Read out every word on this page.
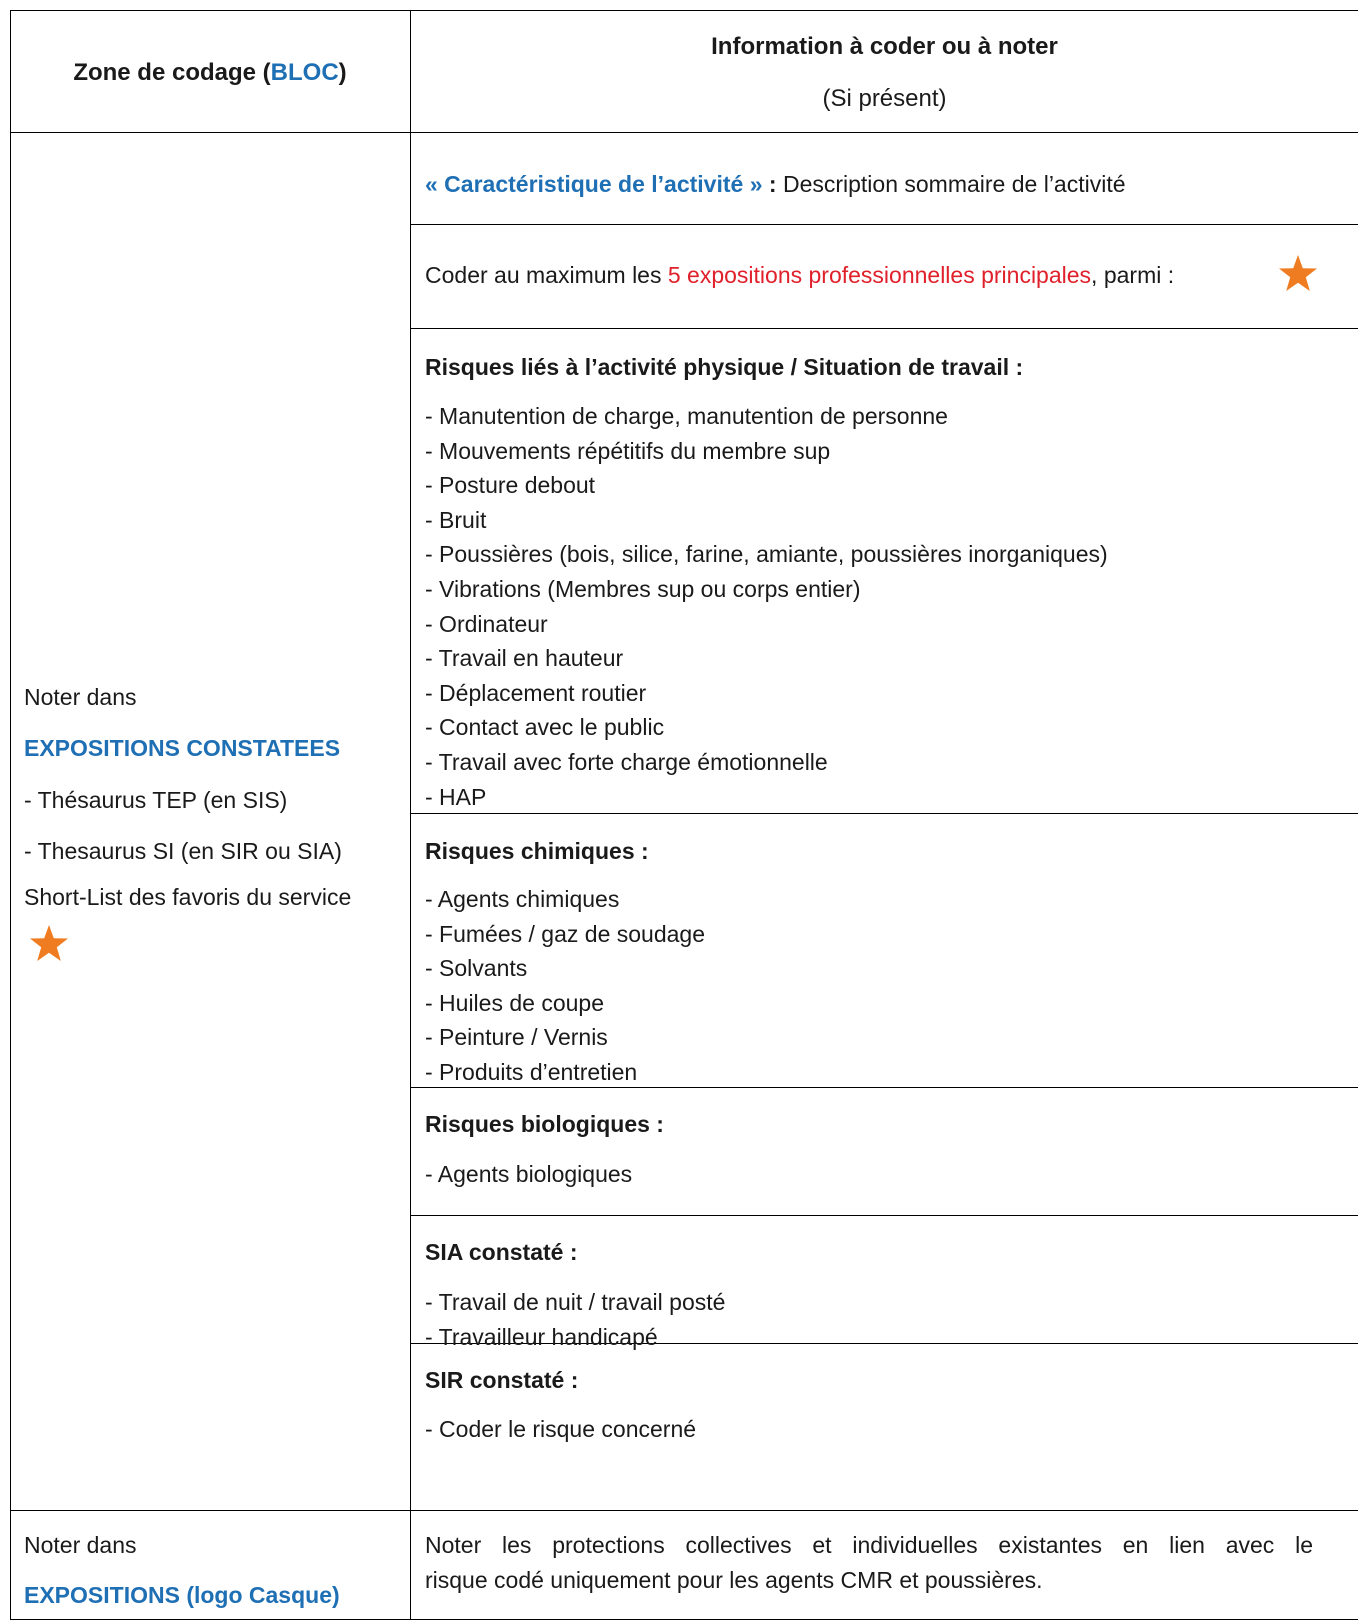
Zone de codage (BLOC)
Information à coder ou à noter
(Si présent)
Noter dans
EXPOSITIONS CONSTATEES
- Thésaurus TEP (en SIS)
- Thesaurus SI (en SIR ou SIA)
Short-List des favoris du service
« Caractéristique de l’activité » : Description sommaire de l’activité
Coder au maximum les 5 expositions professionnelles principales, parmi :
Risques liés à l’activité physique / Situation de travail :
- Manutention de charge, manutention de personne
- Mouvements répétitifs du membre sup
- Posture debout
- Bruit
- Poussières (bois, silice, farine, amiante, poussières inorganiques)
- Vibrations (Membres sup ou corps entier)
- Ordinateur
- Travail en hauteur
- Déplacement routier
- Contact avec le public
- Travail avec forte charge émotionnelle
- HAP
Risques chimiques :
- Agents chimiques
- Fumées / gaz de soudage
- Solvants
- Huiles de coupe
- Peinture / Vernis
- Produits d’entretien
Risques biologiques :
- Agents biologiques
SIA constaté :
- Travail de nuit / travail posté
- Travailleur handicapé
SIR constaté :
- Coder le risque concerné
Noter dans
EXPOSITIONS (logo Casque)
Noter les protections collectives et individuelles existantes en lien avec le
risque codé uniquement pour les agents CMR et poussières.
